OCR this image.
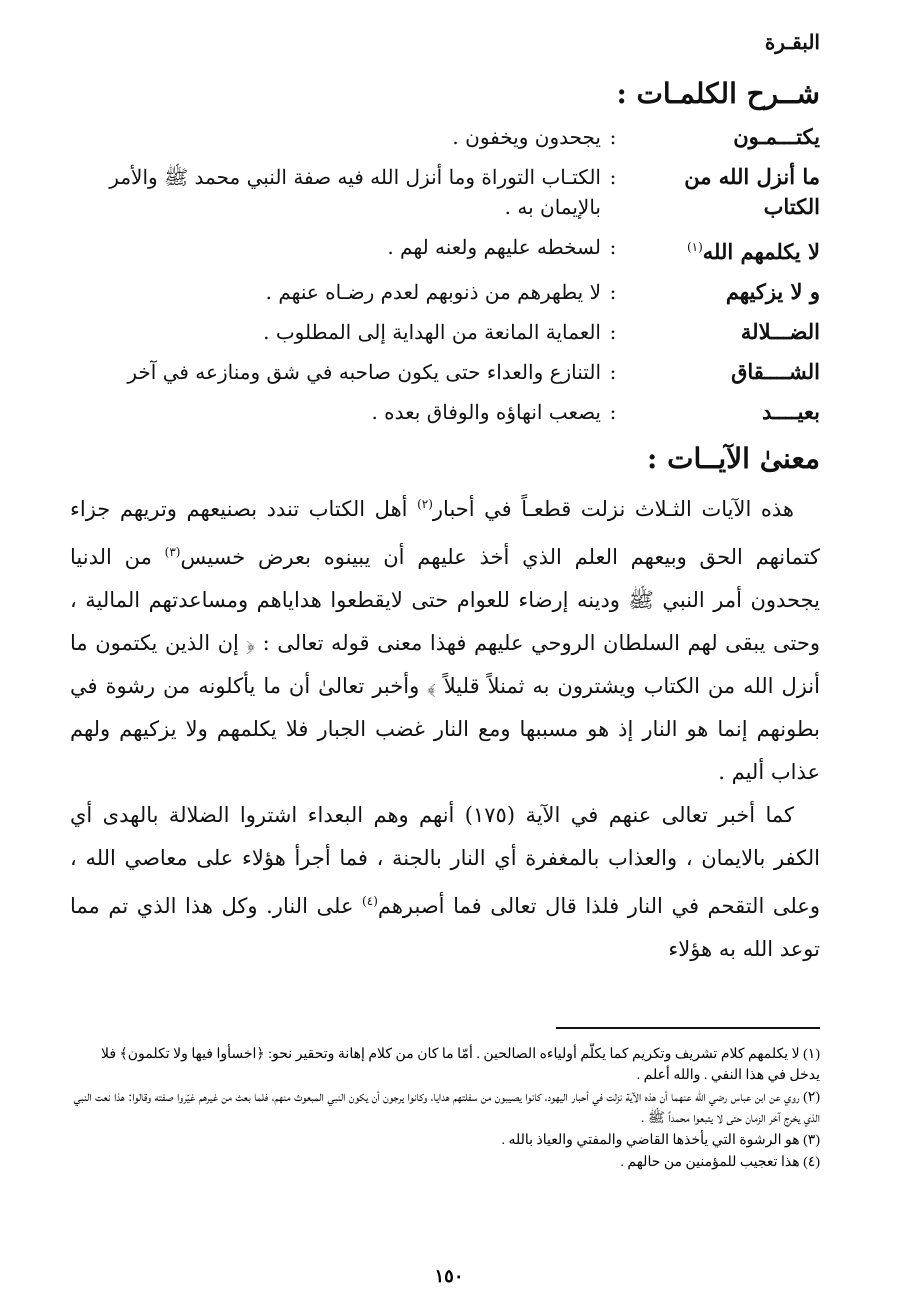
البقـرة
شــرح الكلمـات :
يكتـــمـون	:	يجحدون ويخفون .
ما أنزل الله من الكتاب	:	الكتـاب التوراة وما أنزل الله فيه صفة النبي محمد ﷺ والأمر بالإيمان به .
لا يكلمهم الله$^{(١)}$	:	لسخطه عليهم ولعنه لهم .
و لا يزكيهم	:	لا يطهرهم من ذنوبهم لعدم رضـاه عنهم .
الضـــلالة	:	العماية المانعة من الهداية إلى المطلوب .
الشــــقاق	:	التنازع والعداء حتى يكون صاحبه في شق ومنازعه في آخر
بعيــــد	:	يصعب انهاؤه والوفاق بعده .
معنىٰ الآيــات :

هذه الآيات الثـلاث نزلت قطعـاً في أحبار$^{(٢)}$ أهل الكتاب تندد بصنيعهم وتريهم جزاء كتمانهم الحق وبيعهم العلم الذي أخذ عليهم أن يبينوه بعرض خسيس$^{(٣)}$ من الدنيا يجحدون أمر النبي ﷺ ودينه إرضاء للعوام حتى لايقطعوا هداياهم ومساعدتهم المالية ، وحتى يبقى لهم السلطان الروحي عليهم فهذا معنى قوله تعالى : ﴿ إن الذين يكتمون ما أنزل الله من الكتاب ويشترون به ثمنلاً قليلاً ﴾ وأخبر تعالىٰ أن ما يأكلونه من رشوة في بطونهم إنما هو النار إذ هو مسببها ومع النار غضب الجبار فلا يكلمهم ولا يزكيهم ولهم عذاب أليم .

كما أخبر تعالى عنهم في الآية (١٧٥) أنهم وهم البعداء اشتروا الضلالة بالهدى أي الكفر بالايمان ، والعذاب بالمغفرة أي النار بالجنة ، فما أجرأ هؤلاء على معاصي الله ، وعلى التقحم في النار فلذا قال تعالى فما أصبرهم$^{(٤)}$ على النار. وكل هذا الذي تم مما توعد الله به هؤلاء

(١) لا يكلمهم كلام تشريف وتكريم كما يكلّم أولياءه الصالحين . أمّا ما كان من كلام إهانة وتحقير نحو: ﴿اخسأوا فيها ولا تكلمون﴾ فلا يدخل في هذا النفي . والله أعلم .

(٢) روي عن ابن عباس رضي الله عنهما أن هذه الآية نزلت في أحبار اليهود، كانوا يصيبون من سفلتهم هدايا، وكانوا يرجون أن يكون النبي المبعوث منهم، فلما بعث من غيرهم غيّروا صفته وقالوا: هذا نعت النبي الذي يخرج آخر الزمان حتى لا يتبعوا محمداً ﷺ .

(٣) هو الرشوة التي يأخذها القاضي والمفتي والعياذ بالله .

(٤) هذا تعجيب للمؤمنين من حالهم .

١٥٠
